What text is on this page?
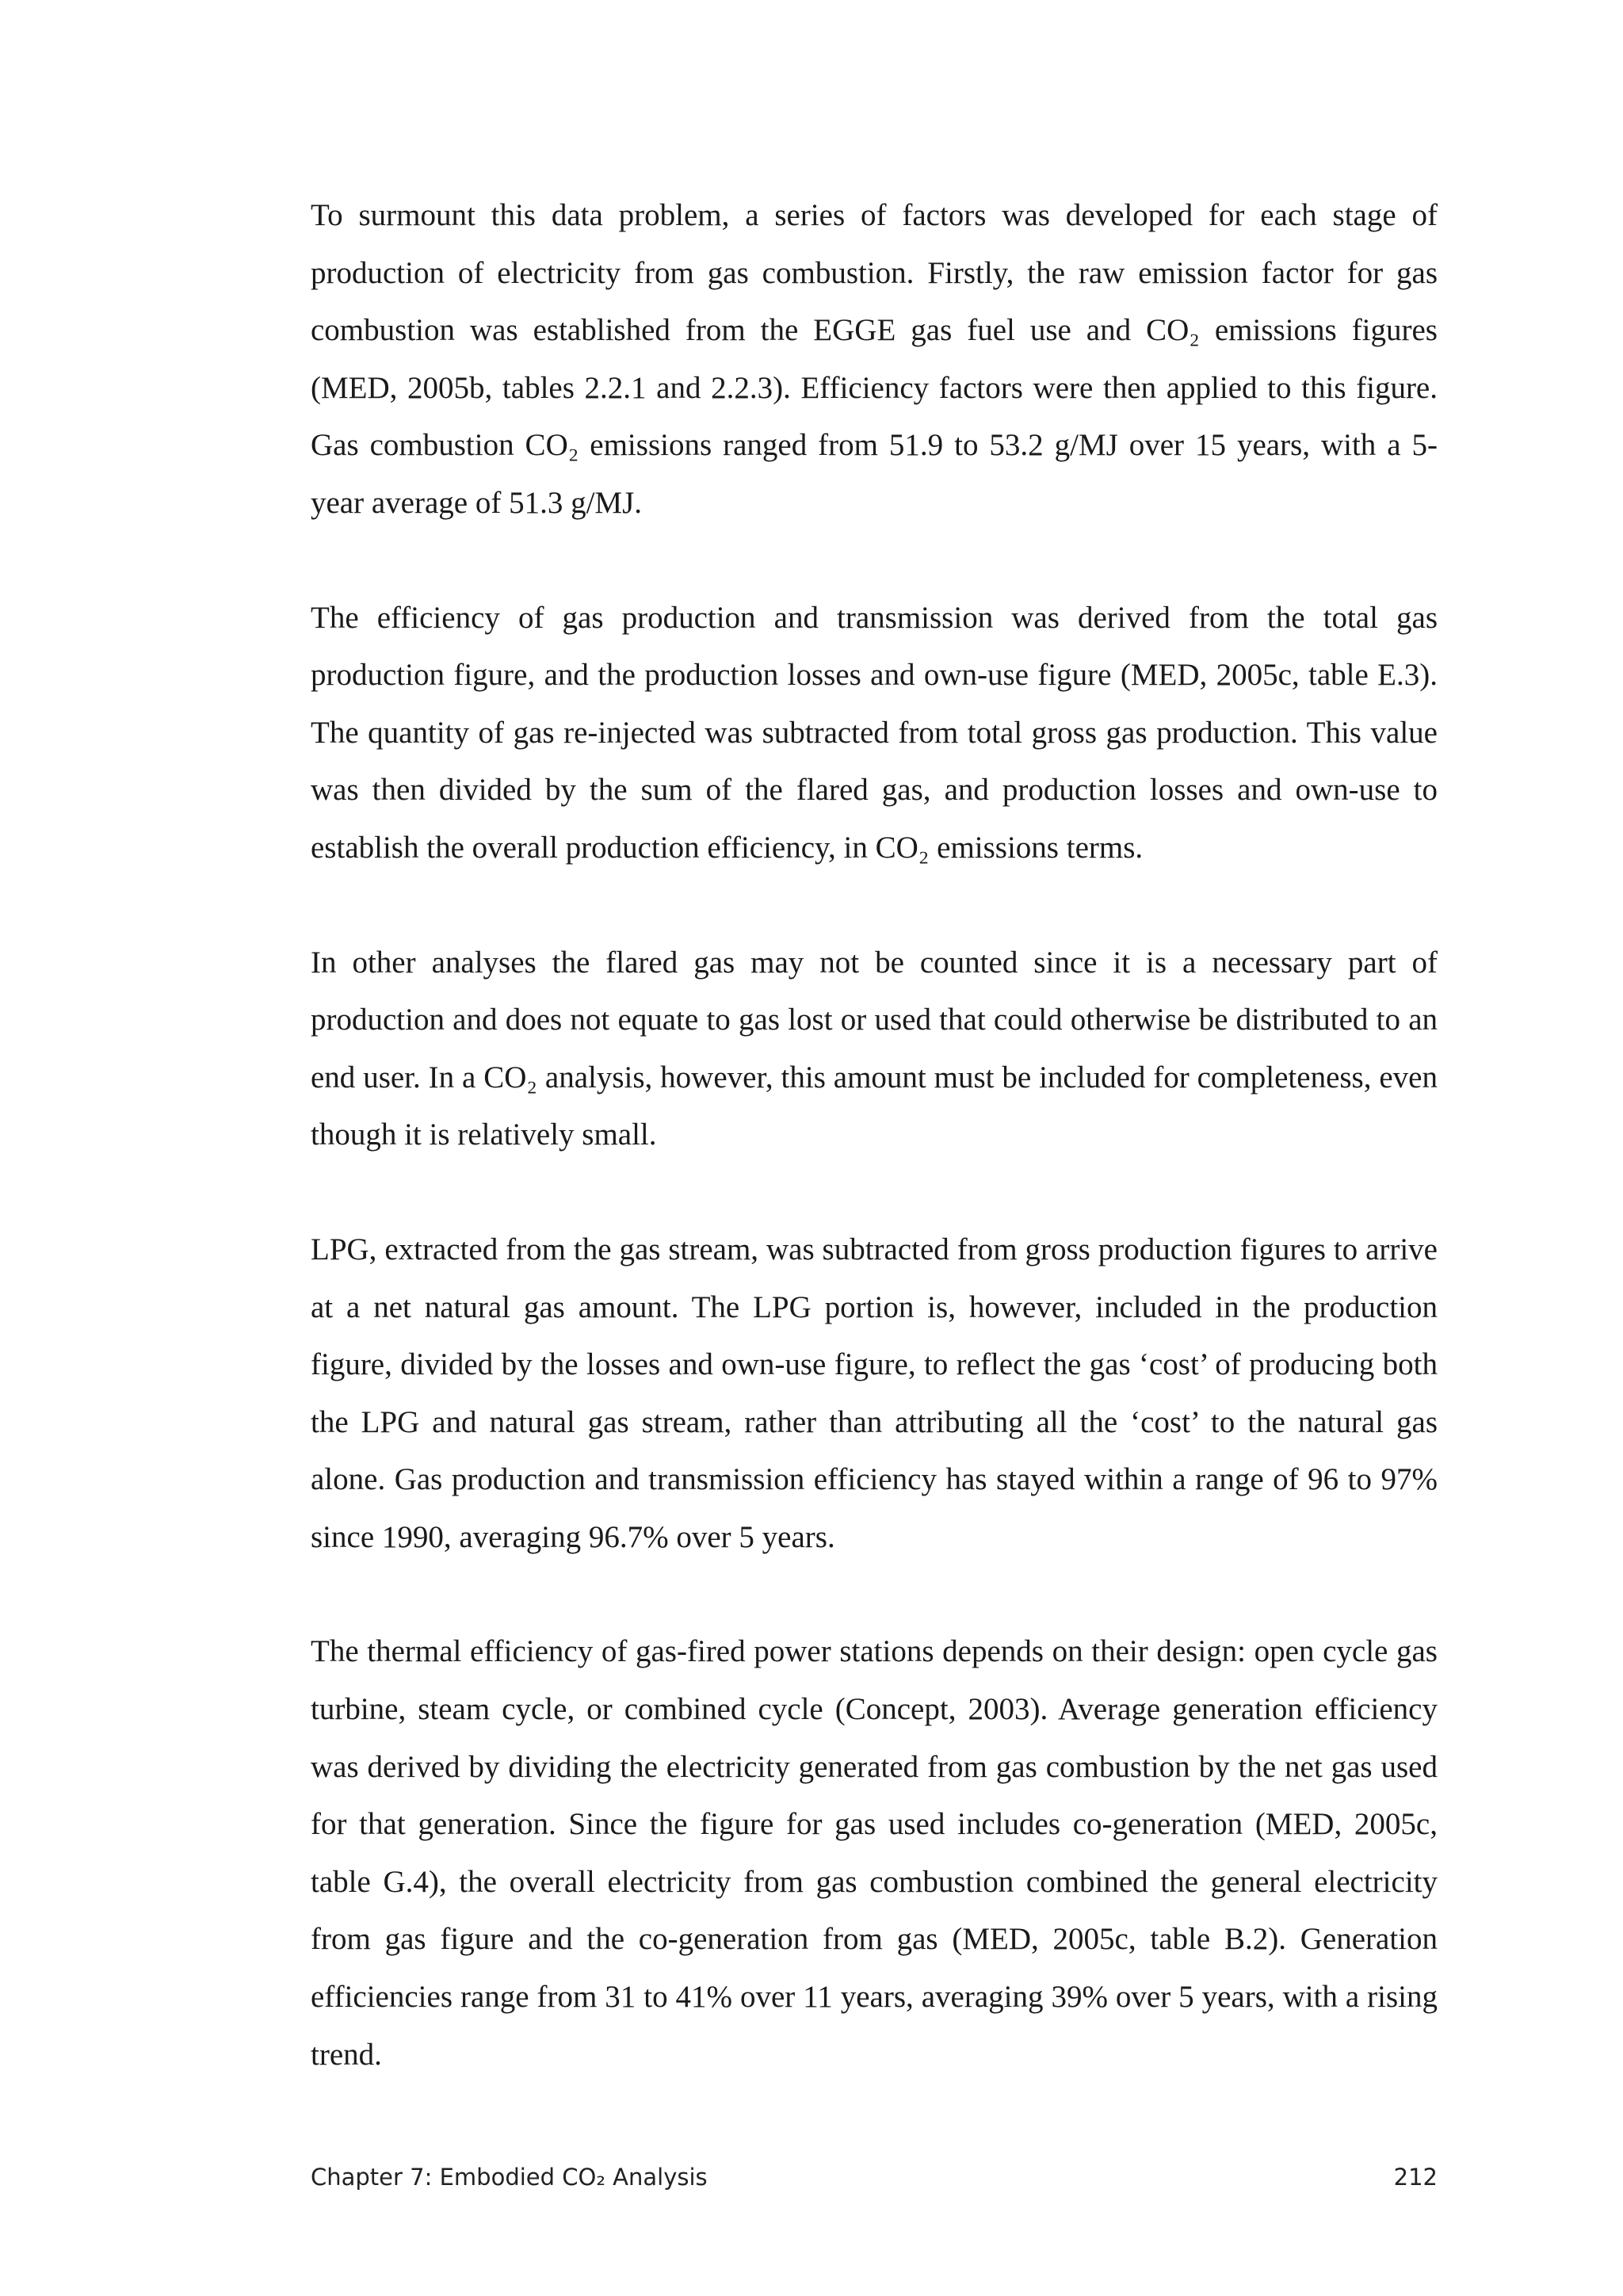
To surmount this data problem, a series of factors was developed for each stage of production of electricity from gas combustion. Firstly, the raw emission factor for gas combustion was established from the EGGE gas fuel use and CO₂ emissions figures (MED, 2005b, tables 2.2.1 and 2.2.3). Efficiency factors were then applied to this figure. Gas combustion CO₂ emissions ranged from 51.9 to 53.2 g/MJ over 15 years, with a 5-year average of 51.3 g/MJ.

The efficiency of gas production and transmission was derived from the total gas production figure, and the production losses and own-use figure (MED, 2005c, table E.3). The quantity of gas re-injected was subtracted from total gross gas production. This value was then divided by the sum of the flared gas, and production losses and own-use to establish the overall production efficiency, in CO₂ emissions terms.

In other analyses the flared gas may not be counted since it is a necessary part of production and does not equate to gas lost or used that could otherwise be distributed to an end user. In a CO₂ analysis, however, this amount must be included for completeness, even though it is relatively small.

LPG, extracted from the gas stream, was subtracted from gross production figures to arrive at a net natural gas amount. The LPG portion is, however, included in the production figure, divided by the losses and own-use figure, to reflect the gas ‘cost’ of producing both the LPG and natural gas stream, rather than attributing all the ‘cost’ to the natural gas alone. Gas production and transmission efficiency has stayed within a range of 96 to 97% since 1990, averaging 96.7% over 5 years.

The thermal efficiency of gas-fired power stations depends on their design: open cycle gas turbine, steam cycle, or combined cycle (Concept, 2003). Average generation efficiency was derived by dividing the electricity generated from gas combustion by the net gas used for that generation. Since the figure for gas used includes co-generation (MED, 2005c, table G.4), the overall electricity from gas combustion combined the general electricity from gas figure and the co-generation from gas (MED, 2005c, table B.2). Generation efficiencies range from 31 to 41% over 11 years, averaging 39% over 5 years, with a rising trend.

Chapter 7: Embodied CO₂ Analysis	212
